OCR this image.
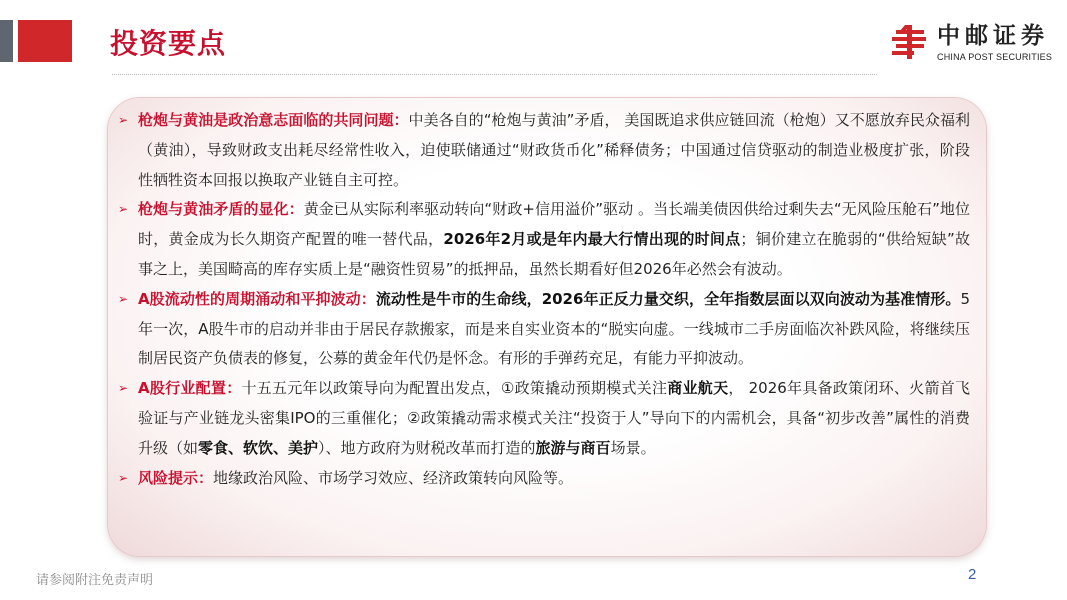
投资要点	中邮证券
CHINA POST SECURITIES
➢ 枪炮与黄油是政治意志面临的共同问题：中美各自的“枪炮与黄油”矛盾， 美国既追求供应链回流（枪炮）又不愿放弃民众福利（黄油），导致财政支出耗尽经常性收入，迫使联储通过“财政货币化”稀释债务；中国通过信贷驱动的制造业极度扩张，阶段性牺牲资本回报以换取产业链自主可控。
➢ 枪炮与黄油矛盾的显化：黄金已从实际利率驱动转向“财政+信用溢价”驱动 。当长端美债因供给过剩失去“无风险压舱石”地位时，黄金成为长久期资产配置的唯一替代品，2026年2月或是年内最大行情出现的时间点；铜价建立在脆弱的“供给短缺”故事之上，美国畸高的库存实质上是“融资性贸易”的抵押品，虽然长期看好但2026年必然会有波动。
➢ A股流动性的周期涌动和平抑波动：流动性是牛市的生命线，2026年正反力量交织，全年指数层面以双向波动为基准情形。5年一次，A股牛市的启动并非由于居民存款搬家，而是来自实业资本的“脱实向虚。一线城市二手房面临次补跌风险，将继续压制居民资产负债表的修复，公募的黄金年代仍是怀念。有形的手弹药充足，有能力平抑波动。
➢ A股行业配置：十五五元年以政策导向为配置出发点，①政策撬动预期模式关注商业航天， 2026年具备政策闭环、火箭首飞验证与产业链龙头密集IPO的三重催化；②政策撬动需求模式关注“投资于人”导向下的内需机会，具备“初步改善”属性的消费升级（如零食、软饮、美护）、地方政府为财税改革而打造的旅游与商百场景。
➢ 风险提示：地缘政治风险、市场学习效应、经济政策转向风险等。
请参阅附注免责声明	2
